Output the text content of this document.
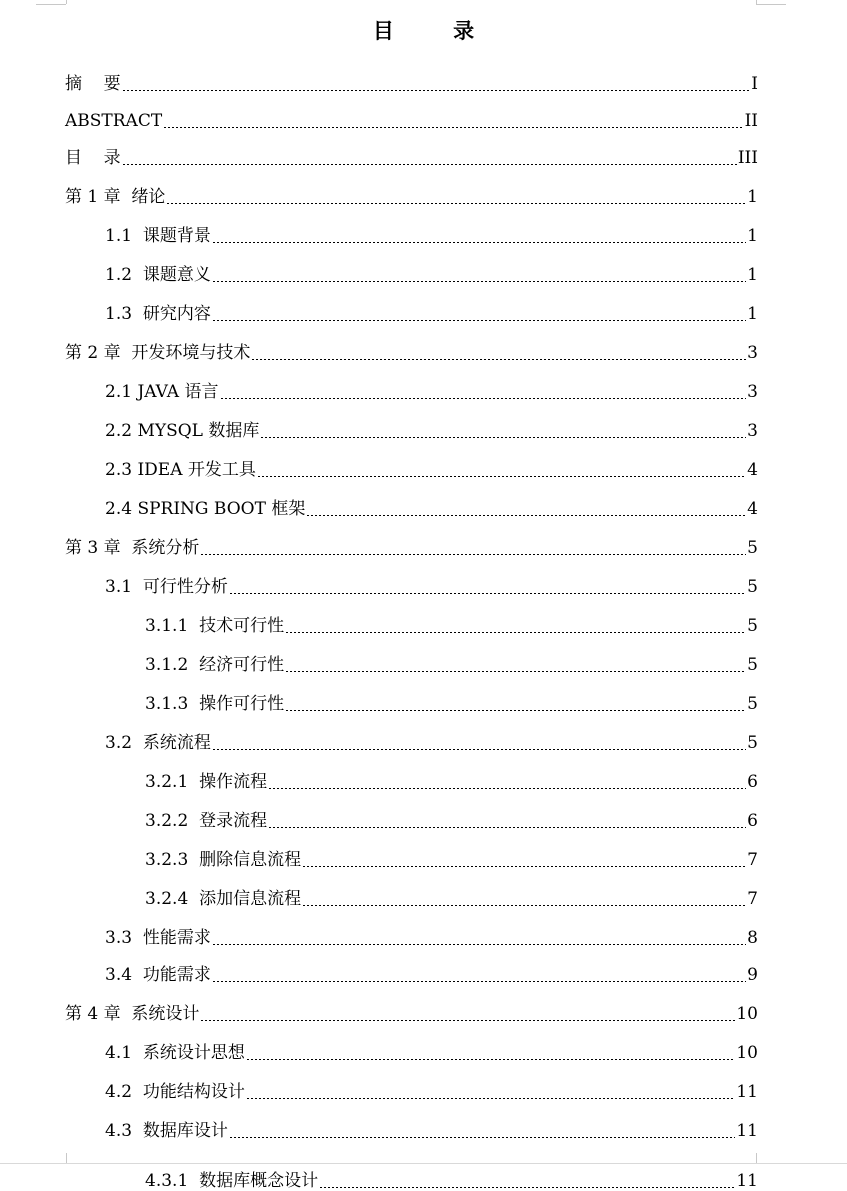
目 录
摘    要	I
ABSTRACT	II
目    录	III
第 1 章  绪论	1
1.1  课题背景	1
1.2  课题意义	1
1.3  研究内容	1
第 2 章  开发环境与技术	3
2.1 JAVA 语言	3
2.2 MYSQL 数据库	3
2.3 IDEA 开发工具	4
2.4 SPRING BOOT 框架	4
第 3 章  系统分析	5
3.1  可行性分析	5
3.1.1  技术可行性	5
3.1.2  经济可行性	5
3.1.3  操作可行性	5
3.2  系统流程	5
3.2.1  操作流程	6
3.2.2  登录流程	6
3.2.3  删除信息流程	7
3.2.4  添加信息流程	7
3.3  性能需求	8
3.4  功能需求	9
第 4 章  系统设计	10
4.1  系统设计思想	10
4.2  功能结构设计	11
4.3  数据库设计	11
4.3.1  数据库概念设计	11
